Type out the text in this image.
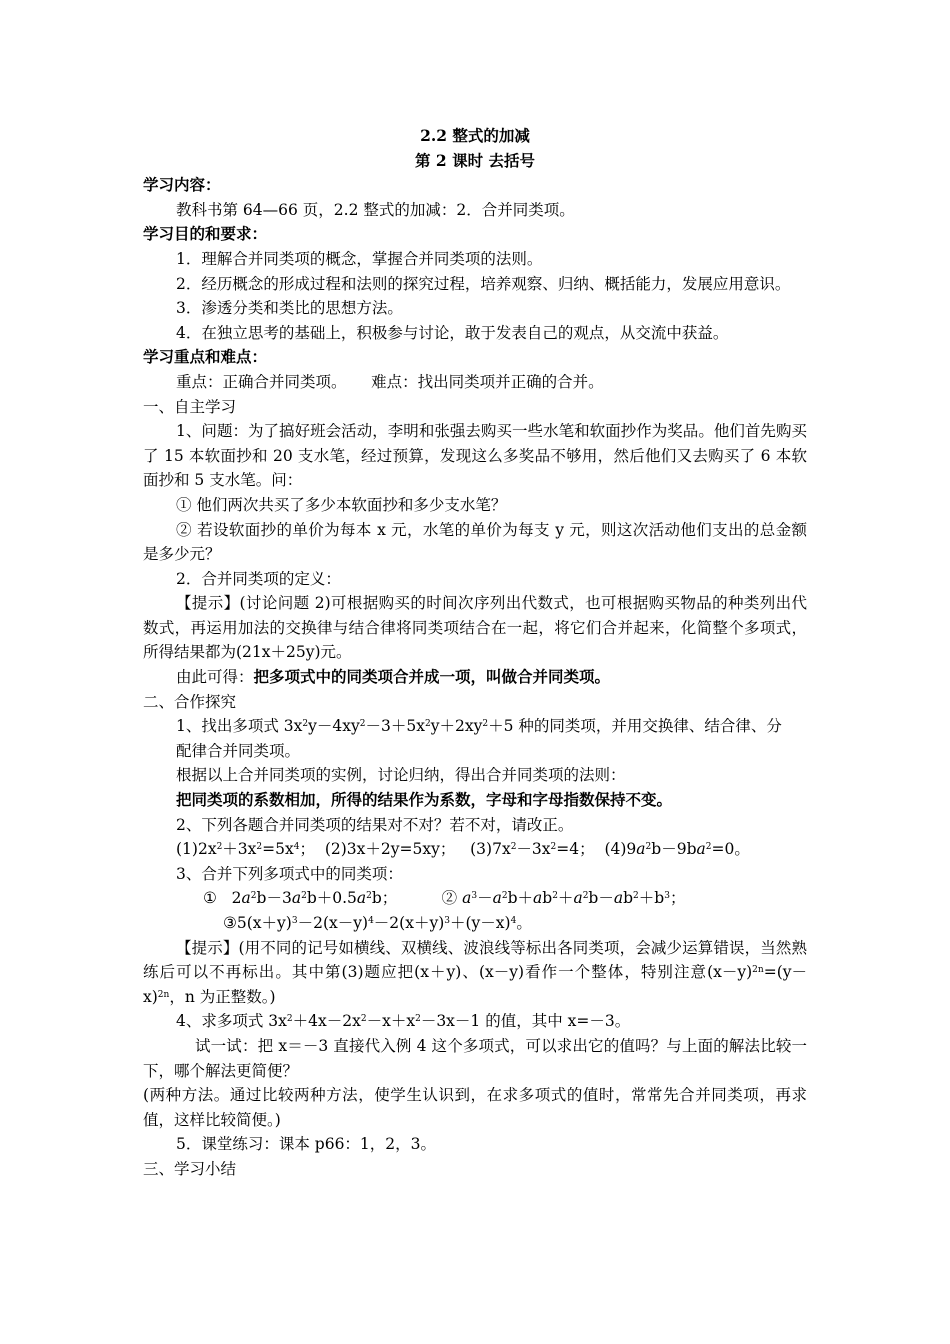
2.2 整式的加减
第 2 课时 去括号
学习内容：
教科书第 64—66 页，2.2 整式的加减：2．合并同类项。
学习目的和要求：
1．理解合并同类项的概念，掌握合并同类项的法则。
2．经历概念的形成过程和法则的探究过程，培养观察、归纳、概括能力，发展应用意识。
3．渗透分类和类比的思想方法。
4．在独立思考的基础上，积极参与讨论，敢于发表自己的观点，从交流中获益。
学习重点和难点：
重点：正确合并同类项。     难点：找出同类项并正确的合并。
一、自主学习
1、问题：为了搞好班会活动，李明和张强去购买一些水笔和软面抄作为奖品。他们首先购买了 15 本软面抄和 20 支水笔，经过预算，发现这么多奖品不够用，然后他们又去购买了 6 本软面抄和 5 支水笔。问：
① 他们两次共买了多少本软面抄和多少支水笔？
② 若设软面抄的单价为每本 x 元，水笔的单价为每支 y 元，则这次活动他们支出的总金额是多少元？
2．合并同类项的定义：
【提示】(讨论问题 2)可根据购买的时间次序列出代数式，也可根据购买物品的种类列出代数式，再运用加法的交换律与结合律将同类项结合在一起，将它们合并起来，化简整个多项式，所得结果都为(21x＋25y)元。
由此可得：把多项式中的同类项合并成一项，叫做合并同类项。
二、合作探究
1、找出多项式 $3x^2y-4xy^2-3+5x^2y+2xy^2+5$ 种的同类项，并用交换律、结合律、分
配律合并同类项。
根据以上合并同类项的实例，讨论归纳，得出合并同类项的法则：
把同类项的系数相加，所得的结果作为系数，字母和字母指数保持不变。
2、下列各题合并同类项的结果对不对？若不对，请改正。
$(1)2x^2+3x^2=5x^4$；  (2)3x＋2y=5xy；   $(3)7x^2-3x^2=4$；  $(4)9a^2b-9ba^2=0$。
3、合并下列多项式中的同类项：
①   $2a^2b-3a^2b+0.5a^2b$；         ② $a^3-a^2b+ab^2+a^2b-ab^2+b^3$；
$③5(x+y)^3-2(x-y)^4-2(x+y)^3+(y-x)^4$。
【提示】(用不同的记号如横线、双横线、波浪线等标出各同类项，会减少运算错误，当然熟练后可以不再标出。其中第(3)题应把(x＋y)、(x－y)看作一个整体，特别注意$(x-y)^{2n}=(y-x)^{2n}$，n 为正整数。)
4、求多项式 $3x^2+4x-2x^2-x+x^2-3x-1$ 的值，其中 x=－3。
试一试：把 x＝－3 直接代入例 4 这个多项式，可以求出它的值吗？与上面的解法比较一下，哪个解法更简便？
(两种方法。通过比较两种方法，使学生认识到，在求多项式的值时，常常先合并同类项，再求值，这样比较简便。)
5．课堂练习：课本 p66：1，2，3。
三、学习小结
